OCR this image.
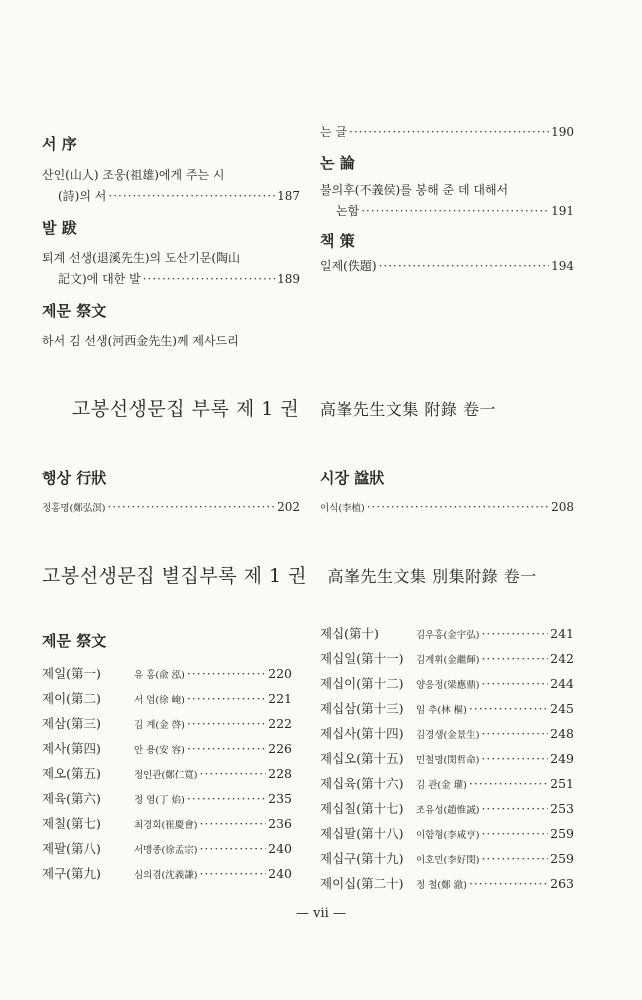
서 序
산인(山人) 조웅(祖雄)에게 주는 시
(詩)의 서 ·····	187
발 跋
퇴계 선생(退溪先生)의 도산기문(陶山
記文)에 대한 발 ·····	189
제문 祭文
하서 김 선생(河西金先生)께 제사드리
는 글 ·····	190
논 論
불의후(不義侯)를 봉해 준 데 대해서
논함 ·····	191
책 策
일제(佚題) ·····	194
고봉선생문집 부록 제 1 권 高峯先生文集 附錄 卷一
행상 行狀
정홍명(鄭弘溟) ·····	202
시장 諡狀
이식(李植) ·····	208
고봉선생문집 별집부록 제 1 권 高峯先生文集 別集附錄 卷一
제문 祭文
제일(第一)	유 홍(兪 泓) ·····	220
제이(第二)	서 엄(徐 崦) ·····	221
제삼(第三)	김 계(金 啓) ·····	222
제사(第四)	안 용(安 容) ·····	226
제오(第五)	정인관(鄭仁寬) ·····	228
제육(第六)	정 염(丁 焰) ·····	235
제칠(第七)	최경회(崔慶會) ·····	236
제팔(第八)	서맹종(徐孟宗) ·····	240
제구(第九)	심의겸(沈義謙) ·····	240
제십(第十)	김우홍(金宇弘) ·····	241
제십일(第十一)	김계휘(金繼輝) ·····	242
제십이(第十二)	양응정(梁應鼎) ·····	244
제십삼(第十三)	임 추(林 樞) ·····	245
제십사(第十四)	김경생(金景生) ·····	248
제십오(第十五)	민철명(閔哲命) ·····	249
제십육(第十六)	김 관(金 瓘) ·····	251
제십칠(第十七)	조유성(趙惟誠) ·····	253
제십팔(第十八)	이함형(李咸亨) ·····	259
제십구(第十九)	이호민(李好閔) ·····	259
제이십(第二十)	정 철(鄭 澈) ·····	263
— vii —
